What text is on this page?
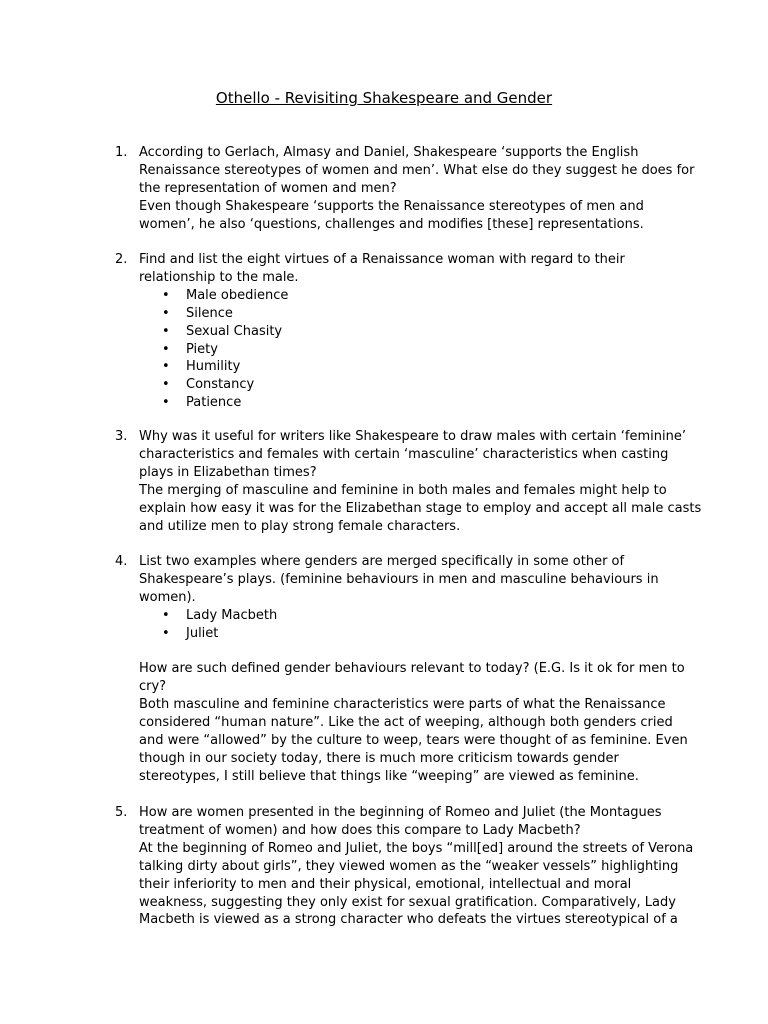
Othello - Revisiting Shakespeare and Gender
1. According to Gerlach, Almasy and Daniel, Shakespeare ‘supports the English
Renaissance stereotypes of women and men’. What else do they suggest he does for
the representation of women and men?
Even though Shakespeare ‘supports the Renaissance stereotypes of men and
women’, he also ‘questions, challenges and modifies [these] representations.
2. Find and list the eight virtues of a Renaissance woman with regard to their
relationship to the male.
• Male obedience
• Silence
• Sexual Chasity
• Piety
• Humility
• Constancy
• Patience
3. Why was it useful for writers like Shakespeare to draw males with certain ‘feminine’
characteristics and females with certain ‘masculine’ characteristics when casting
plays in Elizabethan times?
The merging of masculine and feminine in both males and females might help to
explain how easy it was for the Elizabethan stage to employ and accept all male casts
and utilize men to play strong female characters.
4. List two examples where genders are merged specifically in some other of
Shakespeare’s plays. (feminine behaviours in men and masculine behaviours in
women).
• Lady Macbeth
• Juliet
How are such defined gender behaviours relevant to today? (E.G. Is it ok for men to
cry?
Both masculine and feminine characteristics were parts of what the Renaissance
considered “human nature”. Like the act of weeping, although both genders cried
and were “allowed” by the culture to weep, tears were thought of as feminine. Even
though in our society today, there is much more criticism towards gender
stereotypes, I still believe that things like “weeping” are viewed as feminine.
5. How are women presented in the beginning of Romeo and Juliet (the Montagues
treatment of women) and how does this compare to Lady Macbeth?
At the beginning of Romeo and Juliet, the boys “mill[ed] around the streets of Verona
talking dirty about girls”, they viewed women as the “weaker vessels” highlighting
their inferiority to men and their physical, emotional, intellectual and moral
weakness, suggesting they only exist for sexual gratification. Comparatively, Lady
Macbeth is viewed as a strong character who defeats the virtues stereotypical of a
